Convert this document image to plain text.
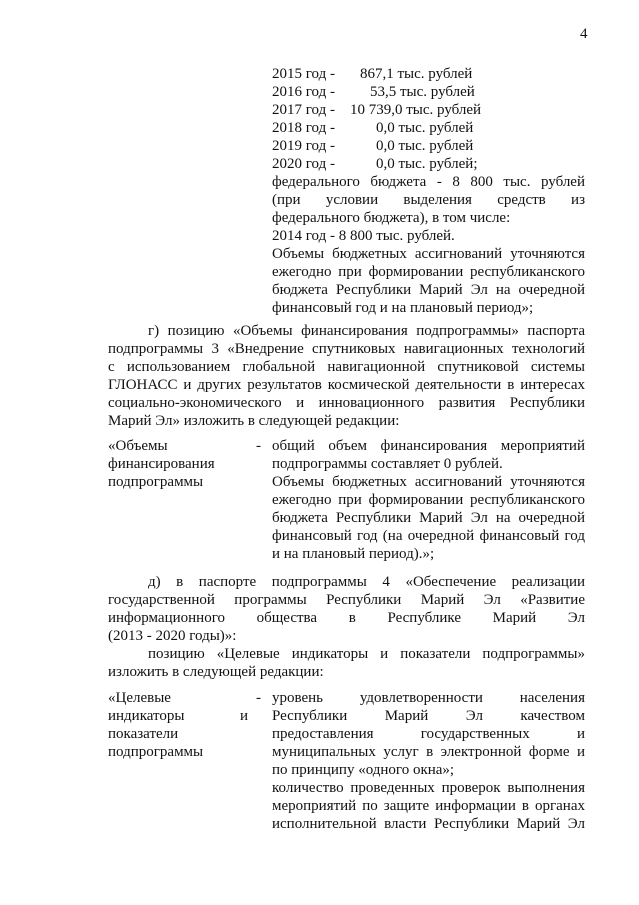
4
2015 год - 867,1 тыс. рублей
2016 год - 53,5 тыс. рублей
2017 год - 10 739,0 тыс. рублей
2018 год -	0,0 тыс. рублей
2019 год -	0,0 тыс. рублей
2020 год -	0,0 тыс. рублей;
федерального бюджета - 8 800 тыс. рублей
(при условии выделения средств из
федерального бюджета), в том числе:
2014 год - 8 800 тыс. рублей.
Объемы бюджетных ассигнований уточняются
ежегодно при формировании республиканского
бюджета Республики Марий Эл на очередной
финансовый год и на плановый период»;
г) позицию «Объемы финансирования подпрограммы» паспорта
подпрограммы 3 «Внедрение спутниковых навигационных технологий
с использованием глобальной навигационной спутниковой системы
ГЛОНАСС и других результатов космической деятельности в интересах
социально-экономического и инновационного развития Республики
Марий Эл» изложить в следующей редакции:
«Объемы
финансирования
подпрограммы
- общий объем финансирования мероприятий
подпрограммы составляет 0 рублей.
Объемы бюджетных ассигнований уточняются
ежегодно при формировании республиканского
бюджета Республики Марий Эл на очередной
финансовый год (на очередной финансовый год
и на плановый период).»;
д) в паспорте подпрограммы 4 «Обеспечение реализации
государственной программы Республики Марий Эл «Развитие
информационного общества в Республике Марий Эл
(2013 - 2020 годы)»:
позицию «Целевые индикаторы и показатели подпрограммы»
изложить в следующей редакции:
«Целевые
индикаторы и
показатели
подпрограммы
- уровень удовлетворенности населения
Республики Марий Эл качеством
предоставления государственных и
муниципальных услуг в электронной форме и
по принципу «одного окна»;
количество проведенных проверок выполнения
мероприятий по защите информации в органах
исполнительной власти Республики Марий Эл
